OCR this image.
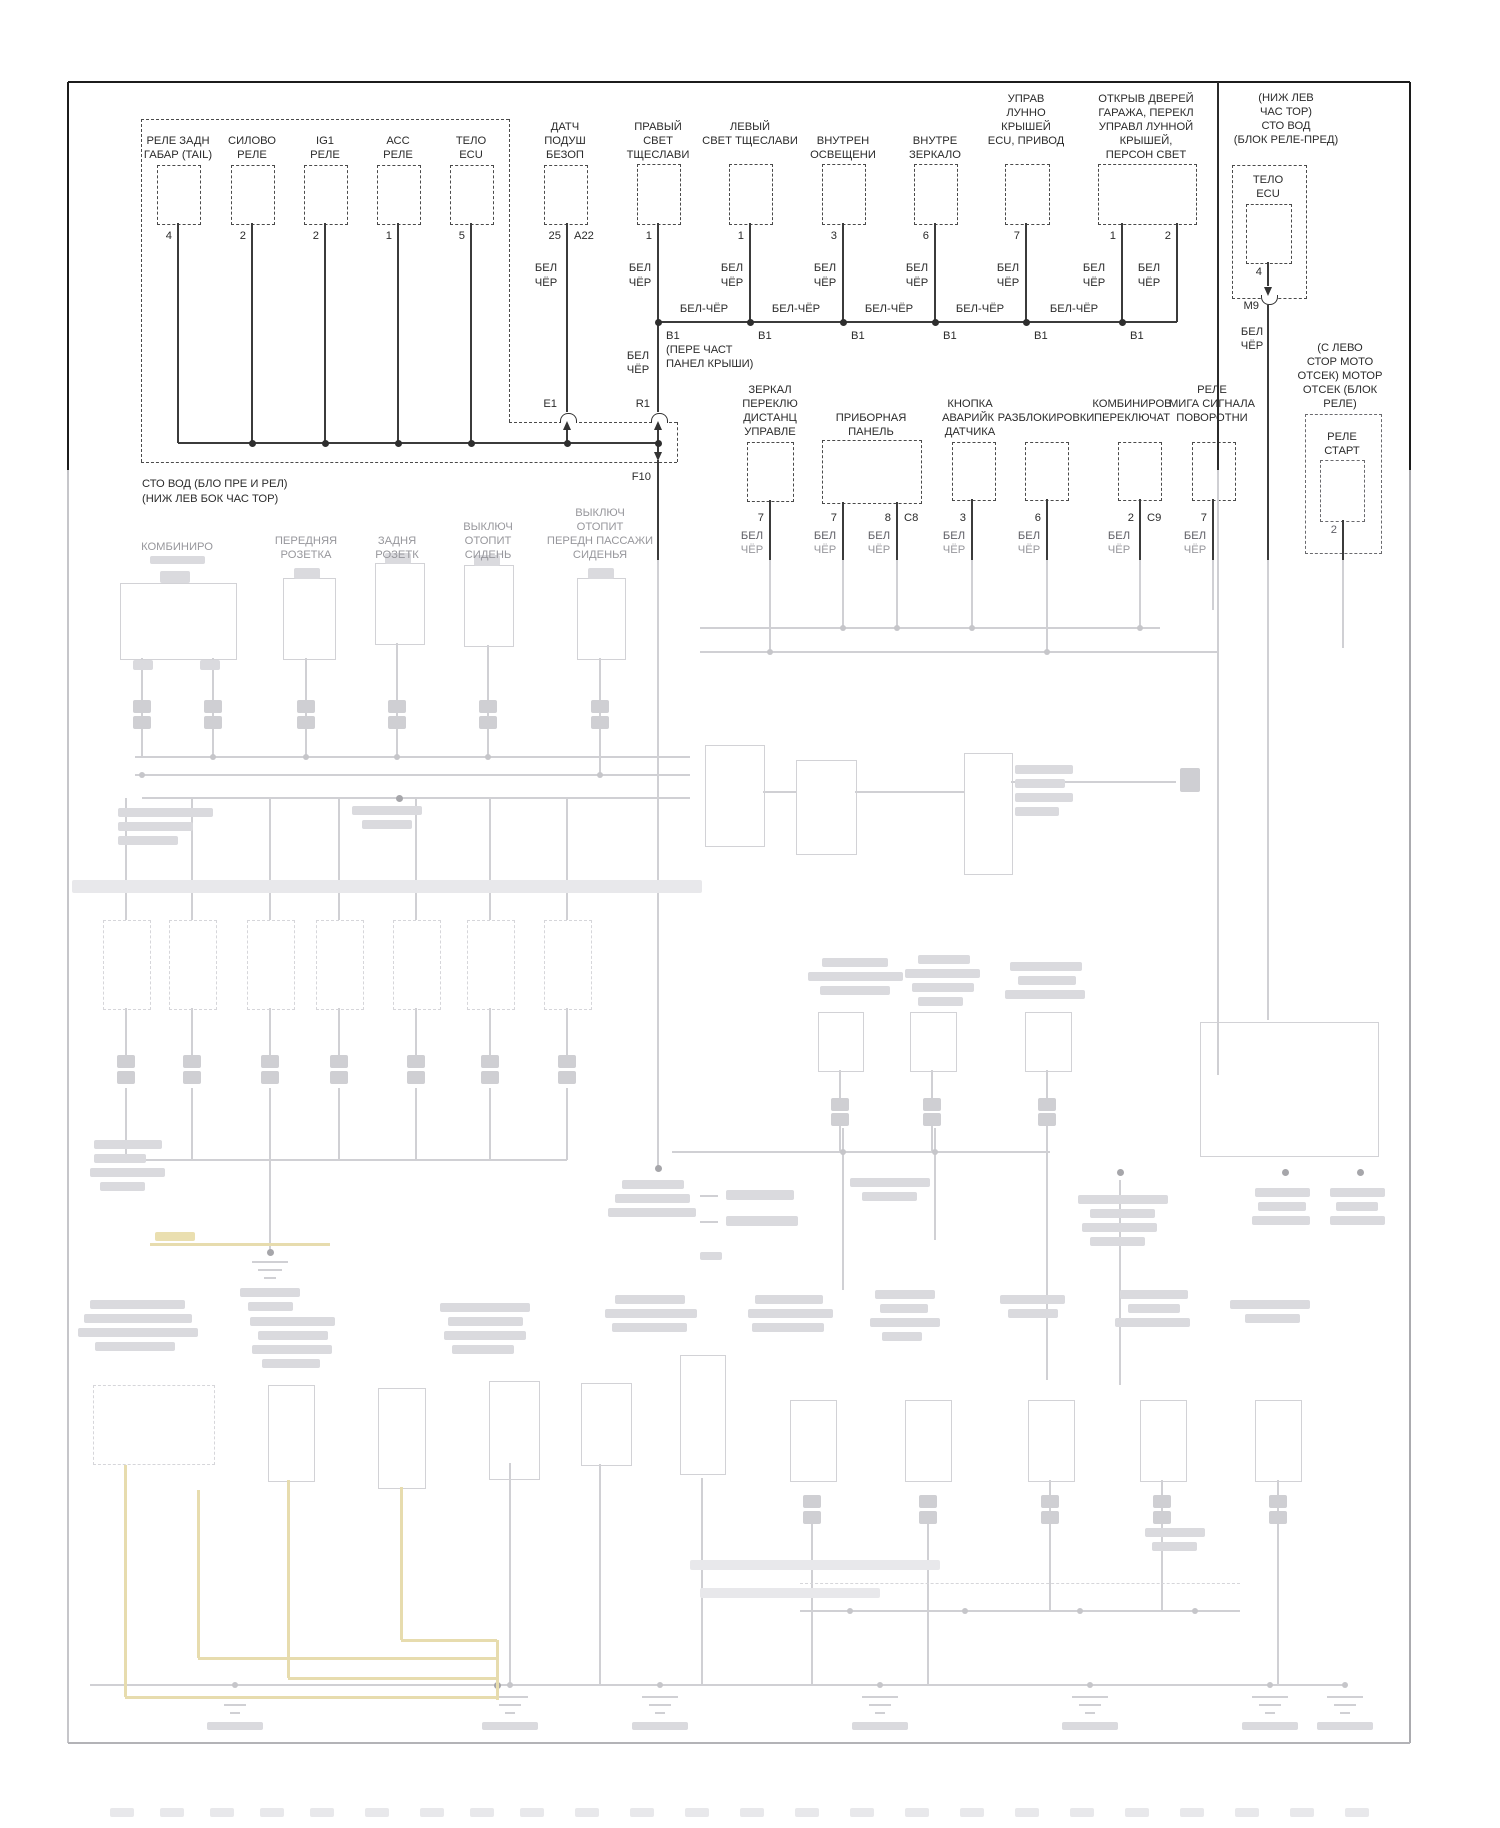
РЕЛЕ ЗАДН
ГАБАР (TAIL)
СИЛОВО
РЕЛЕ
IG1
РЕЛЕ
АСС
РЕЛЕ
ТЕЛО
ECU
4	2	2	1	5
ДАТЧ
ПОДУШ
БЕЗОП
25 A22
БЕЛ
ЧЁР
ПРАВЫЙ
СВЕТ
ТЩЕСЛАВИ
1
БЕЛ
ЧЁР
B1
(ПЕРЕ ЧАСТ
ПАНЕЛ КРЫШИ)
БЕЛ
ЧЁР
ЛЕВЫЙ
СВЕТ ТЩЕСЛАВИ
1
БЕЛ
ЧЁР
B1
ВНУТРЕН
ОСВЕЩЕНИ
3
БЕЛ
ЧЁР
B1
ВНУТРЕ
ЗЕРКАЛО
6
БЕЛ
ЧЁР
B1
УПРАВ
ЛУННО
КРЫШЕЙ
ECU, ПРИВОД
7
БЕЛ
ЧЁР
B1
ОТКРЫВ ДВЕРЕЙ
ГАРАЖА, ПЕРЕКЛ
УПРАВЛ ЛУННОЙ
КРЫШЕЙ,
ПЕРСОН СВЕТ
1	2
БЕЛ
ЧЁР
БЕЛ
ЧЁР
B1
БЕЛ-ЧЁР	БЕЛ-ЧЁР	БЕЛ-ЧЁР	БЕЛ-ЧЁР	БЕЛ-ЧЁР
E1	R1
F10
СТО ВОД (БЛО ПРЕ И РЕЛ)
(НИЖ ЛЕВ БОК ЧАС ТОР)
(НИЖ ЛЕВ
ЧАС ТОР)
СТО ВОД
(БЛОК РЕЛЕ-ПРЕД)
ТЕЛО
ECU
4
M9
БЕЛ
ЧЁР	(С ЛЕВО
СТОР МОТО
ОТСЕК) МОТОР
ОТСЕК (БЛОК
РЕЛЕ)
РЕЛЕ
СТАРТ
ЗЕРКАЛ
ПЕРЕКЛЮ
ДИСТАНЦ
УПРАВЛЕ
ПРИБОРНАЯ
ПАНЕЛЬ
КНОПКА
АВАРИЙК
ДАТЧИКА
РАЗБЛОКИРОВКИ
КОМБИНИРОВ
ПЕРЕКЛЮЧАТ
РЕЛЕ
МИГА СИГНАЛА
ПОВОРОТНИ
7	7	8 C8	3	6	2 C9	7
БЕЛ	БЕЛ	БЕЛ	БЕЛ	БЕЛ	БЕЛ	БЕЛ	2
ЧЁР	ЧЁР	ЧЁР	ЧЁР	ЧЁР	ЧЁР	ЧЁР
КОМБИНИРО	ПЕРЕДНЯЯ
РОЗЕТКА
ЗАДНЯ
РОЗЕТК
ВЫКЛЮЧ
ОТОПИТ
СИДЕНЬ
ВЫКЛЮЧ
ОТОПИТ
ПЕРЕДН ПАССАЖИ
СИДЕНЬЯ
